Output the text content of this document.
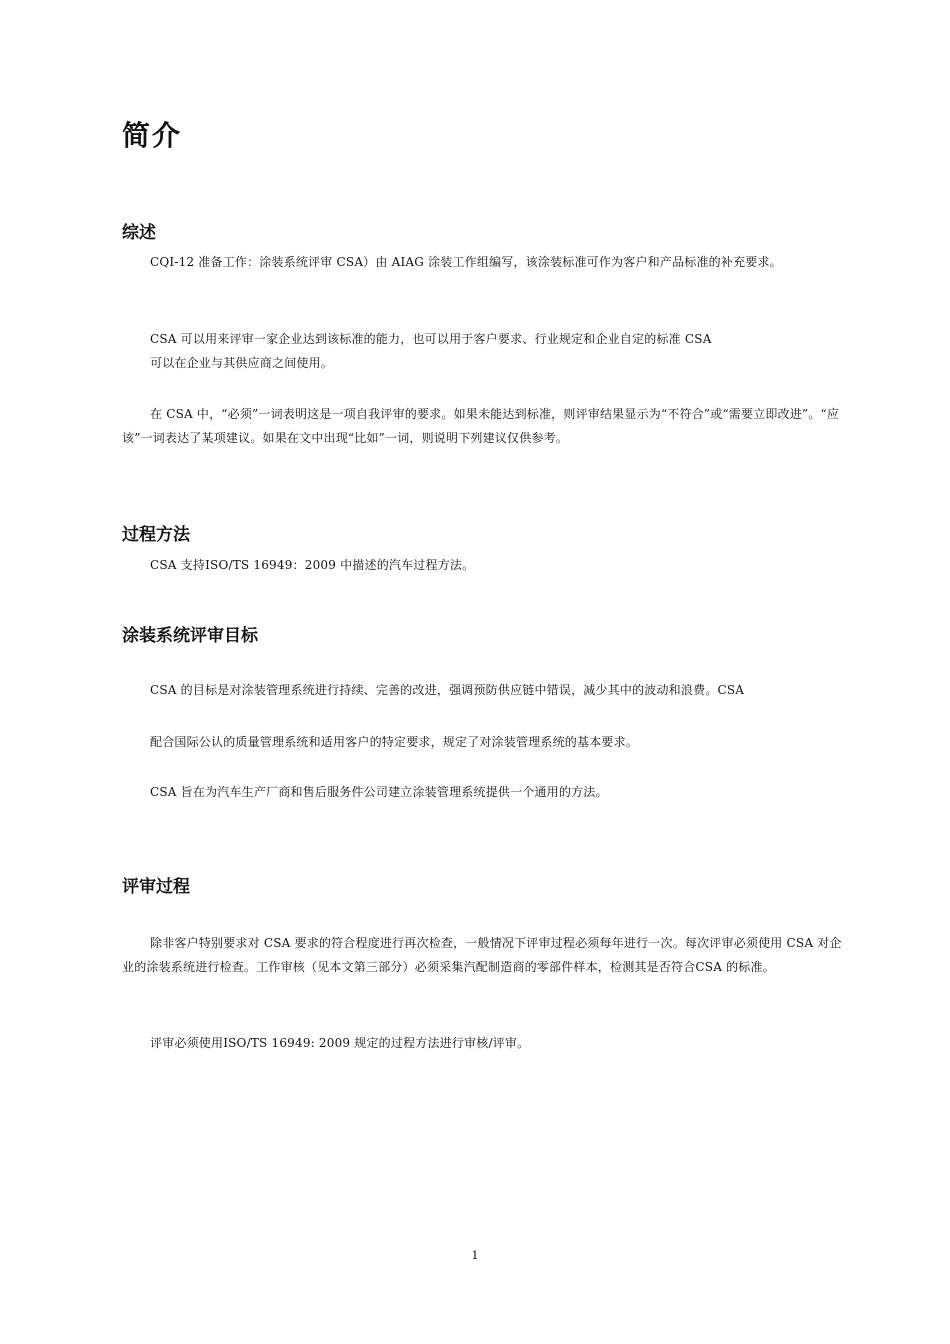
简介
综述

CQI-12 准备工作：涂装系统评审 CSA）由 AIAG 涂装工作组编写，该涂装标准可作为客户和产品标准的补充要求。

CSA 可以用来评审一家企业达到该标准的能力，也可以用于客户要求、行业规定和企业自定的标准 CSA

可以在企业与其供应商之间使用。

在 CSA 中，“必须”一词表明这是一项自我评审的要求。如果未能达到标准，则评审结果显示为“不符合”或“需要立即改进”。“应该”一词表达了某项建议。如果在文中出现“比如”一词，则说明下列建议仅供参考。

过程方法

CSA 支持ISO/TS 16949：2009 中描述的汽车过程方法。

涂装系统评审目标

CSA 的目标是对涂装管理系统进行持续、完善的改进，强调预防供应链中错误，减少其中的波动和浪费。CSA

配合国际公认的质量管理系统和适用客户的特定要求，规定了对涂装管理系统的基本要求。

CSA 旨在为汽车生产厂商和售后服务件公司建立涂装管理系统提供一个通用的方法。

评审过程

除非客户特别要求对 CSA 要求的符合程度进行再次检查，一般情况下评审过程必须每年进行一次。每次评审必须使用 CSA 对企业的涂装系统进行检查。工作审核（见本文第三部分）必须采集汽配制造商的零部件样本，检测其是否符合CSA 的标准。

评审必须使用ISO/TS 16949: 2009 规定的过程方法进行审核/评审。

1
